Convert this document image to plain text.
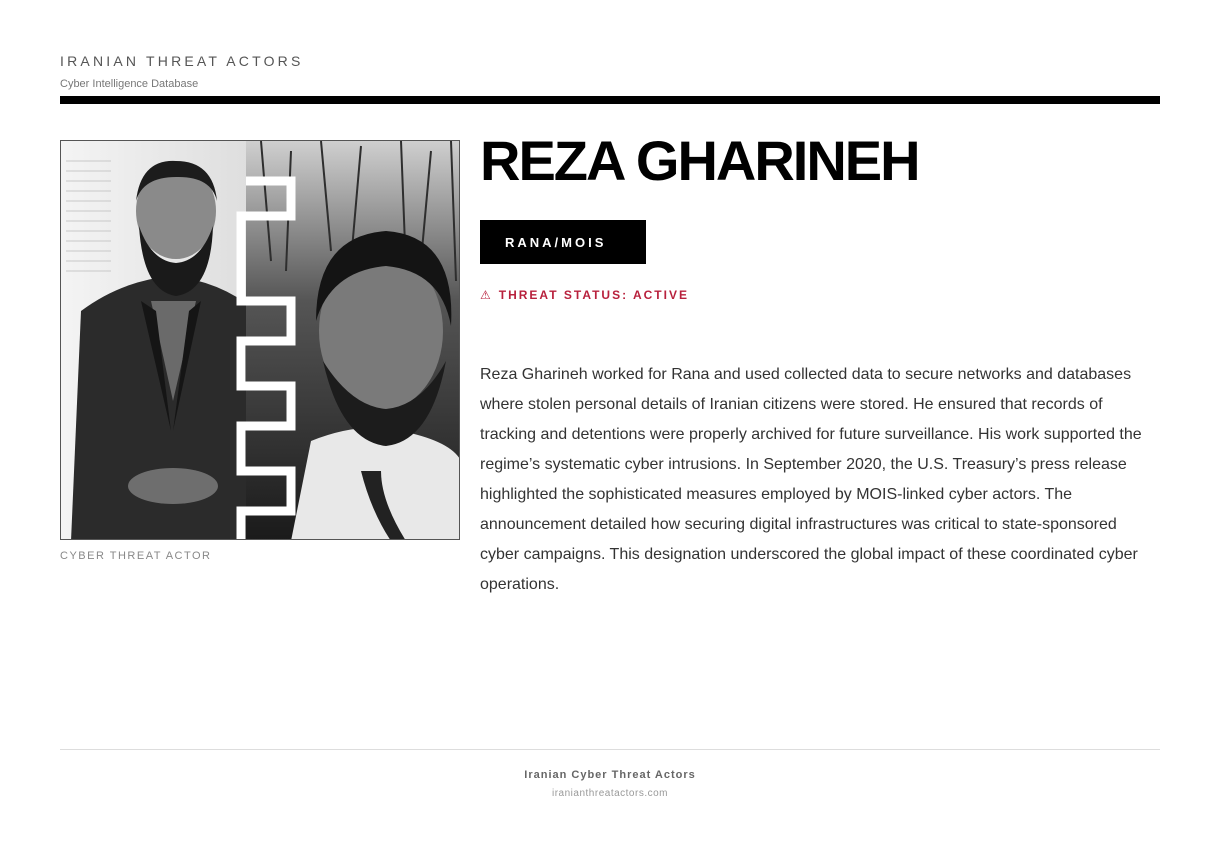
IRANIAN THREAT ACTORS
Cyber Intelligence Database
CYBER THREAT ACTOR
REZA GHARINEH
RANA/MOIS
⚠ THREAT STATUS: ACTIVE

Reza Gharineh worked for Rana and used collected data to secure networks and databases where stolen personal details of Iranian citizens were stored. He ensured that records of tracking and detentions were properly archived for future surveillance. His work supported the regime’s systematic cyber intrusions. In September 2020, the U.S. Treasury’s press release highlighted the sophisticated measures employed by MOIS-linked cyber actors. The announcement detailed how securing digital infrastructures was critical to state-sponsored cyber campaigns. This designation underscored the global impact of these coordinated cyber operations.

Iranian Cyber Threat Actors
iranianthreatactors.com
